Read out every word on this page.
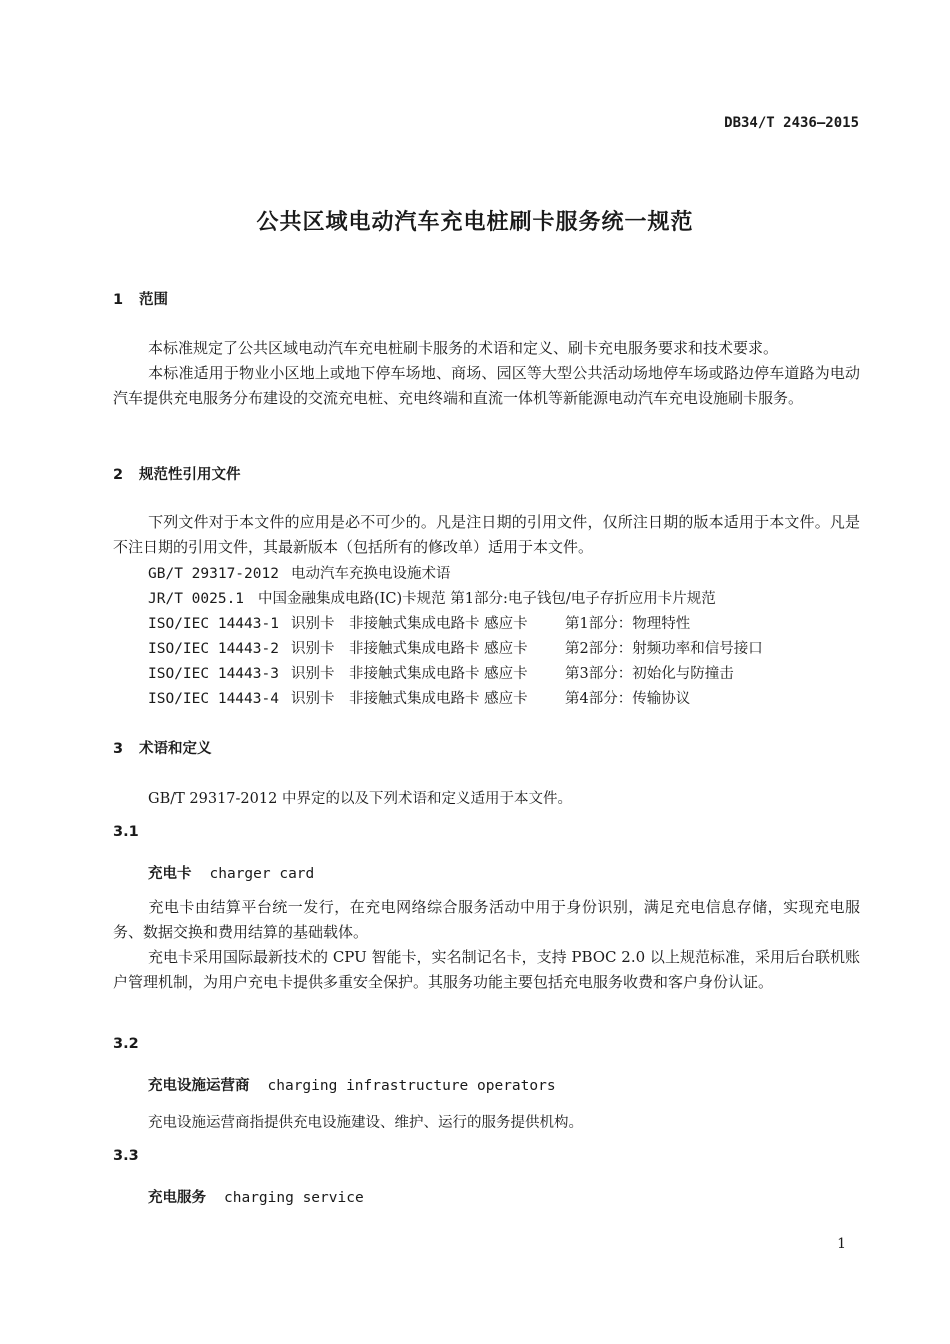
DB34/T 2436—2015
公共区域电动汽车充电桩刷卡服务统一规范
1 范围
本标准规定了公共区域电动汽车充电桩刷卡服务的术语和定义、刷卡充电服务要求和技术要求。
本标准适用于物业小区地上或地下停车场地、商场、园区等大型公共活动场地停车场或路边停车道路为电动汽车提供充电服务分布建设的交流充电桩、充电终端和直流一体机等新能源电动汽车充电设施刷卡服务。
2 规范性引用文件
下列文件对于本文件的应用是必不可少的。凡是注日期的引用文件，仅所注日期的版本适用于本文件。凡是不注日期的引用文件，其最新版本（包括所有的修改单）适用于本文件。
GB/T 29317-2012 电动汽车充换电设施术语
JR/T 0025.1 中国金融集成电路(IC)卡规范 第1部分:电子钱包/电子存折应用卡片规范
ISO/IEC 14443-1 识别卡 非接触式集成电路卡 感应卡	第1部分：物理特性
ISO/IEC 14443-2 识别卡 非接触式集成电路卡 感应卡	第2部分：射频功率和信号接口
ISO/IEC 14443-3 识别卡 非接触式集成电路卡 感应卡	第3部分：初始化与防撞击
ISO/IEC 14443-4 识别卡 非接触式集成电路卡 感应卡	第4部分：传输协议
3 术语和定义
GB/T 29317-2012 中界定的以及下列术语和定义适用于本文件。
3.1
充电卡 charger card
充电卡由结算平台统一发行，在充电网络综合服务活动中用于身份识别，满足充电信息存储，实现充电服务、数据交换和费用结算的基础载体。
充电卡采用国际最新技术的 CPU 智能卡，实名制记名卡，支持 PBOC 2.0 以上规范标准，采用后台联机账户管理机制，为用户充电卡提供多重安全保护。其服务功能主要包括充电服务收费和客户身份认证。
3.2
充电设施运营商 charging infrastructure operators
充电设施运营商指提供充电设施建设、维护、运行的服务提供机构。
3.3
充电服务 charging service
1
